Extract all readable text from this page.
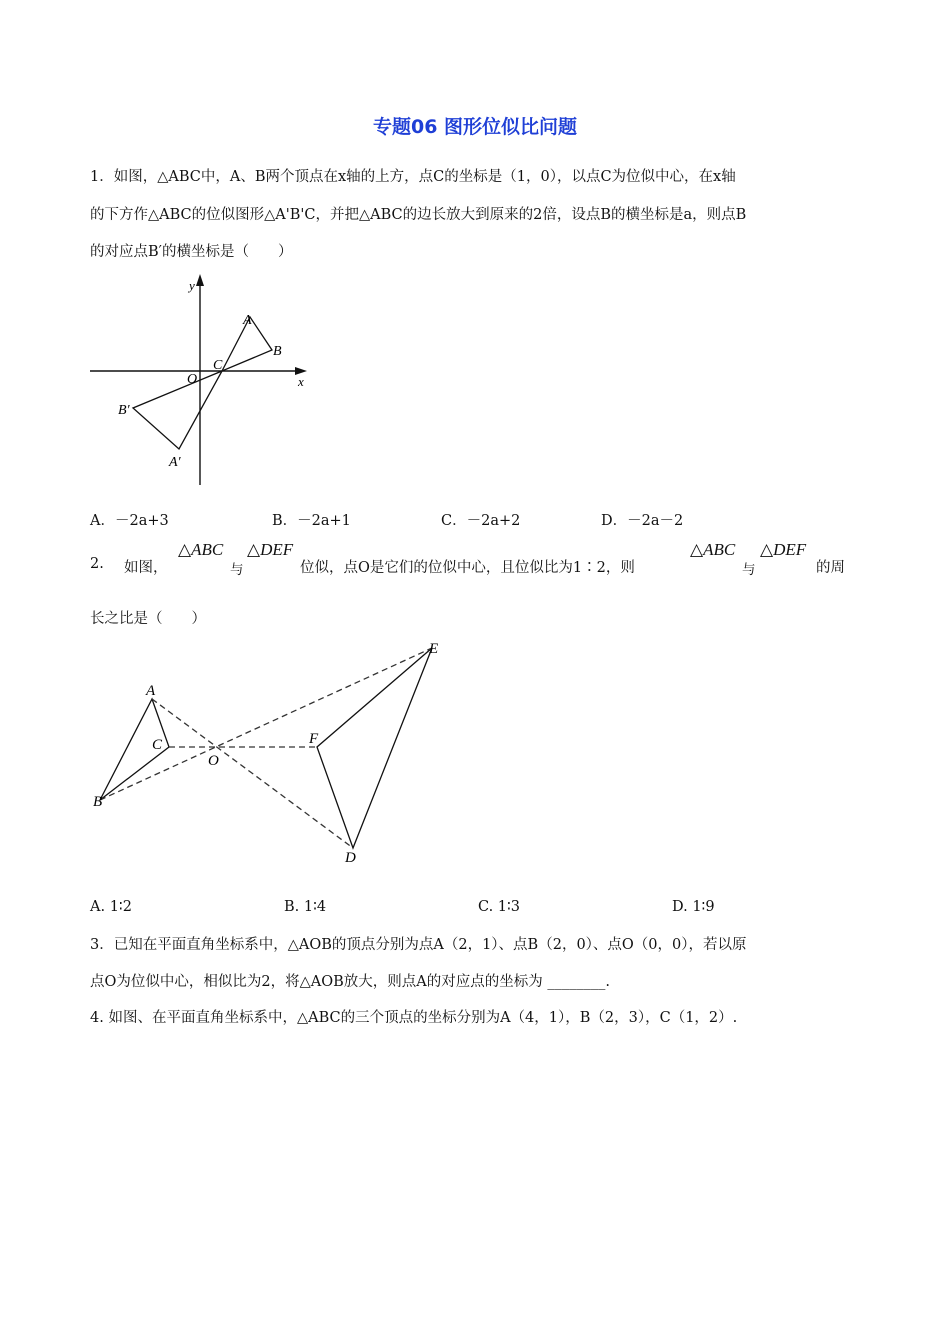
专题06 图形位似比问题
1．如图，△ABC中，A、B两个顶点在x轴的上方，点C的坐标是（1，0），以点C为位似中心，在x轴
的下方作△ABC的位似图形△A'B'C，并把△ABC的边长放大到原来的2倍，设点B的横坐标是a，则点B
的对应点B′的横坐标是（　　）
y
x
O
C
A
B
B′
A′
A．－2a+3	B．－2a+1	C．－2a+2	D．－2a－2
2. 如图，
△ABC
与
△DEF
位似，点O是它们的位似中心，且位似比为1∶2，则
△ABC
与
△DEF
的周
长之比是（　　）
A
B
C
O
F
E
D
A. 1∶2	B. 1∶4	C. 1∶3	D. 1∶9
3．已知在平面直角坐标系中，△AOB的顶点分别为点A（2，1）、点B（2，0）、点O（0，0），若以原
点O为位似中心，相似比为2，将△AOB放大，则点A的对应点的坐标为 ________.
4. 如图、在平面直角坐标系中，△ABC的三个顶点的坐标分别为A（4，1），B（2，3），C（1，2）.
